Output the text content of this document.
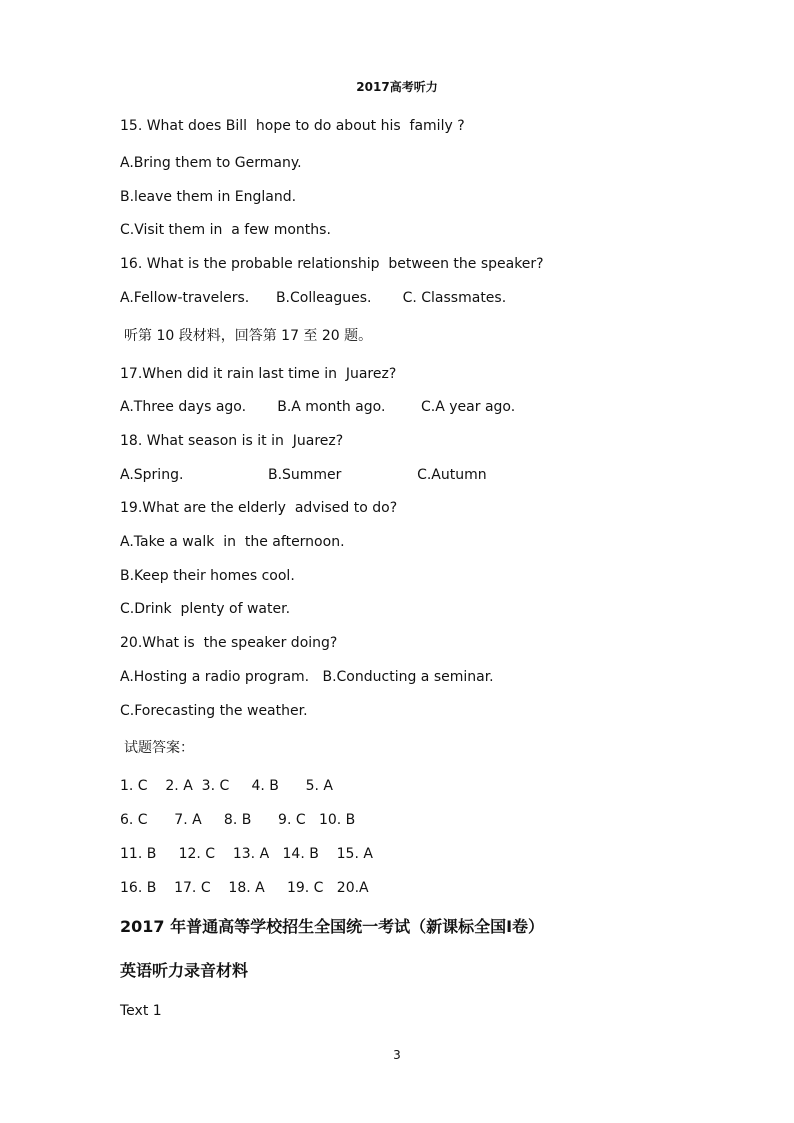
2017高考听力
15. What does Bill  hope to do about his  family ?
A.Bring them to Germany.
B.leave them in England.
C.Visit them in  a few months.
16. What is the probable relationship  between the speaker?
A.Fellow-travelers.      B.Colleagues.       C. Classmates.
听第 10 段材料，回答第 17 至 20 题。
17.When did it rain last time in  Juarez?
A.Three days ago.       B.A month ago.        C.A year ago.
18. What season is it in  Juarez?
A.Spring.                   B.Summer                 C.Autumn
19.What are the elderly  advised to do?
A.Take a walk  in  the afternoon.
B.Keep their homes cool.
C.Drink  plenty of water.
20.What is  the speaker doing?
A.Hosting a radio program.   B.Conducting a seminar.
C.Forecasting the weather.
试题答案：
1. C    2. A  3. C     4. B      5. A
6. C      7. A     8. B      9. C   10. B
11. B     12. C    13. A   14. B    15. A
16. B    17. C    18. A     19. C   20.A
2017 年普通高等学校招生全国统一考试（新课标全国Ⅰ卷）
英语听力录音材料
Text 1
3
